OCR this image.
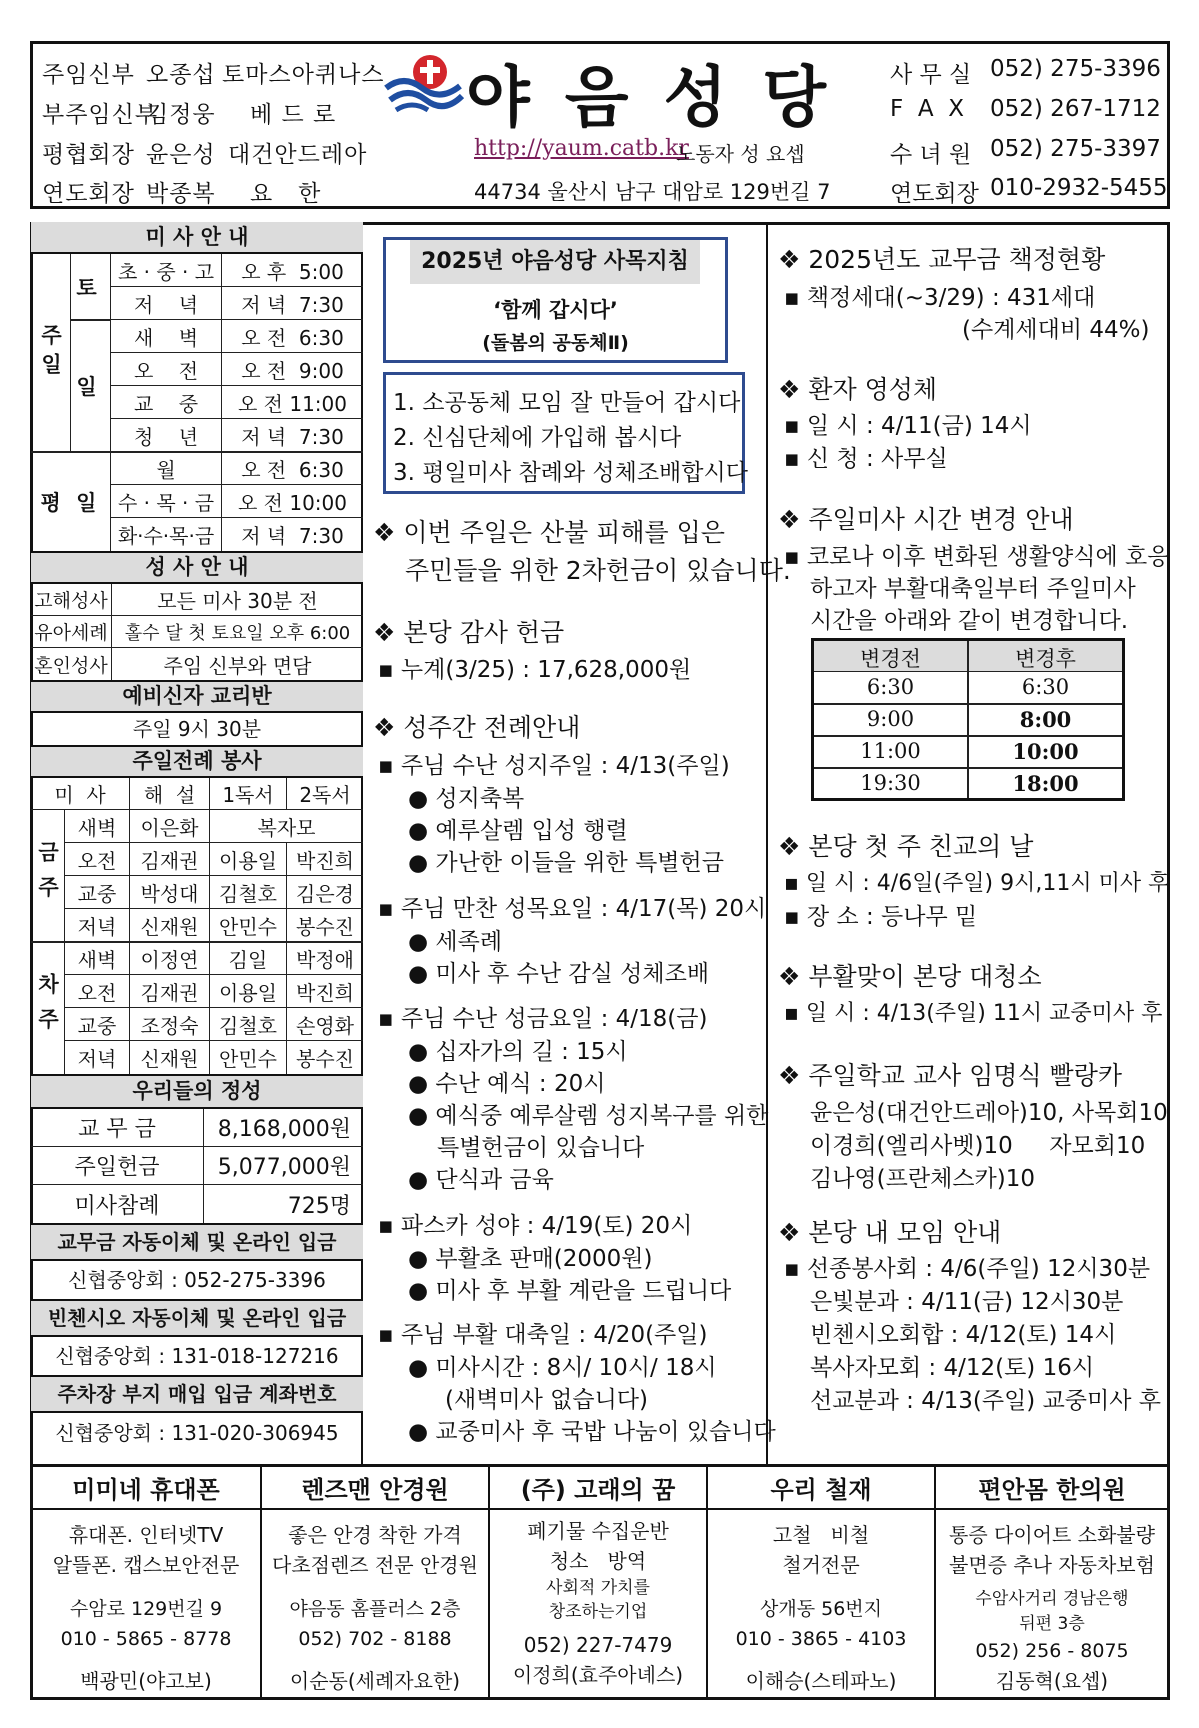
주임신부 오종섭 토마스아퀴나스
부주임신부
김정웅 베 드 로
평협회장 윤은성 대건안드레아
연도회장 박종복 요   한
야 음 성 당
http://yaum.catb.kr
노동자 성 요셉
44734 울산시 남구 대암로 129번길 7
사 무 실 052) 275-3396
F  A  X 052) 267-1712
수 녀 원 052) 275-3397
연도회장 010-2932-5455
미 사 안 내
주일
토
일
초 · 중 · 고	오 후  5:00
저    녁	저 녁  7:30
새    벽	오 전  6:30
오    전	오 전  9:00
교    중	오 전 11:00
청    년	저 녁  7:30
평 일
월	오 전  6:30
수 · 목 · 금	오 전 10:00
화·수·목·금	저 녁  7:30
성 사 안 내
고해성사	모든 미사 30분 전
유아세례 홀수 달 첫 토요일 오후 6:00
혼인성사	주임 신부와 면담
예비신자 교리반
주일 9시 30분
주일전례 봉사
미  사	해  설	1독서	2독서
금주
새벽	이은화	복자모
오전	김재권	이용일 박진희
교중	박성대	김철호 김은경
저녁	신재원	안민수 봉수진
차주
새벽	이정연	김일	박정애
오전	김재권	이용일 박진희
교중	조정숙	김철호 손영화
저녁	신재원	안민수 봉수진
우리들의 정성
교 무 금	8,168,000원
주일헌금	5,077,000원
미사참례	725명
교무금 자동이체 및 온라인 입금
신협중앙회 : 052-275-3396
빈첸시오 자동이체 및 온라인 입금
신협중앙회 : 131-018-127216
주차장 부지 매입 입금 계좌번호
신협중앙회 : 131-020-306945
2025년 야음성당 사목지침
‘함께 갑시다’
(돌봄의 공동체Ⅱ)
1. 소공동체 모임 잘 만들어 갑시다
2. 신심단체에 가입해 봅시다
3. 평일미사 참례와 성체조배합시다
❖ 이번 주일은 산불 피해를 입은
주민들을 위한 2차헌금이 있습니다.
❖ 본당 감사 헌금
▪ 누계(3/25) : 17,628,000원
❖ 성주간 전례안내
▪ 주님 수난 성지주일 : 4/13(주일)
● 성지축복
● 예루살렘 입성 행렬
● 가난한 이들을 위한 특별헌금
▪ 주님 만찬 성목요일 : 4/17(목) 20시
● 세족례
● 미사 후 수난 감실 성체조배
▪ 주님 수난 성금요일 : 4/18(금)
● 십자가의 길 : 15시
● 수난 예식 : 20시
● 예식중 예루살렘 성지복구를 위한
특별헌금이 있습니다
● 단식과 금육
▪ 파스카 성야 : 4/19(토) 20시
● 부활초 판매(2000원)
● 미사 후 부활 계란을 드립니다
▪ 주님 부활 대축일 : 4/20(주일)
● 미사시간 : 8시/ 10시/ 18시
(새벽미사 없습니다)
● 교중미사 후 국밥 나눔이 있습니다
❖ 2025년도 교무금 책정현황
▪ 책정세대(~3/29) : 431세대
(수계세대비 44%)
❖ 환자 영성체
▪ 일 시 : 4/11(금) 14시
▪ 신 청 : 사무실
❖ 주일미사 시간 변경 안내
▪ 코로나 이후 변화된 생활양식에 호응
하고자 부활대축일부터 주일미사
시간을 아래와 같이 변경합니다.
변경전	변경후
6:30	6:30
9:00	8:00
11:00	10:00
19:30	18:00
❖ 본당 첫 주 친교의 날
▪ 일 시 : 4/6일(주일) 9시,11시 미사 후
▪ 장 소 : 등나무 밑
❖ 부활맞이 본당 대청소
▪ 일 시 : 4/13(주일) 11시 교중미사 후
❖ 주일학교 교사 임명식 빨랑카
윤은성(대건안드레아)10, 사목회10
이경희(엘리사벳)10     자모회10
김나영(프란체스카)10
❖ 본당 내 모임 안내
▪ 선종봉사회 : 4/6(주일) 12시30분
은빛분과 : 4/11(금) 12시30분
빈첸시오회합 : 4/12(토) 14시
복사자모회 : 4/12(토) 16시
선교분과 : 4/13(주일) 교중미사 후
미미네 휴대폰
휴대폰. 인터넷TV
알뜰폰. 캡스보안전문
수암로 129번길 9
010 - 5865 - 8778
백광민(야고보)
렌즈맨 안경원
좋은 안경 착한 가격
다초점렌즈 전문 안경원
야음동 홈플러스 2층
052) 702 - 8188
이순동(세례자요한)
(주) 고래의 꿈
폐기물 수집운반
청소   방역
사회적 가치를
창조하는기업
052) 227-7479
이정희(효주아녜스)
우리 철재
고철   비철
철거전문
상개동 56번지
010 - 3865 - 4103
이해승(스테파노)
편안몸 한의원
통증 다이어트 소화불량
불면증 추나 자동차보험
수암사거리 경남은행
뒤편 3층
052) 256 - 8075
김동혁(요셉)
